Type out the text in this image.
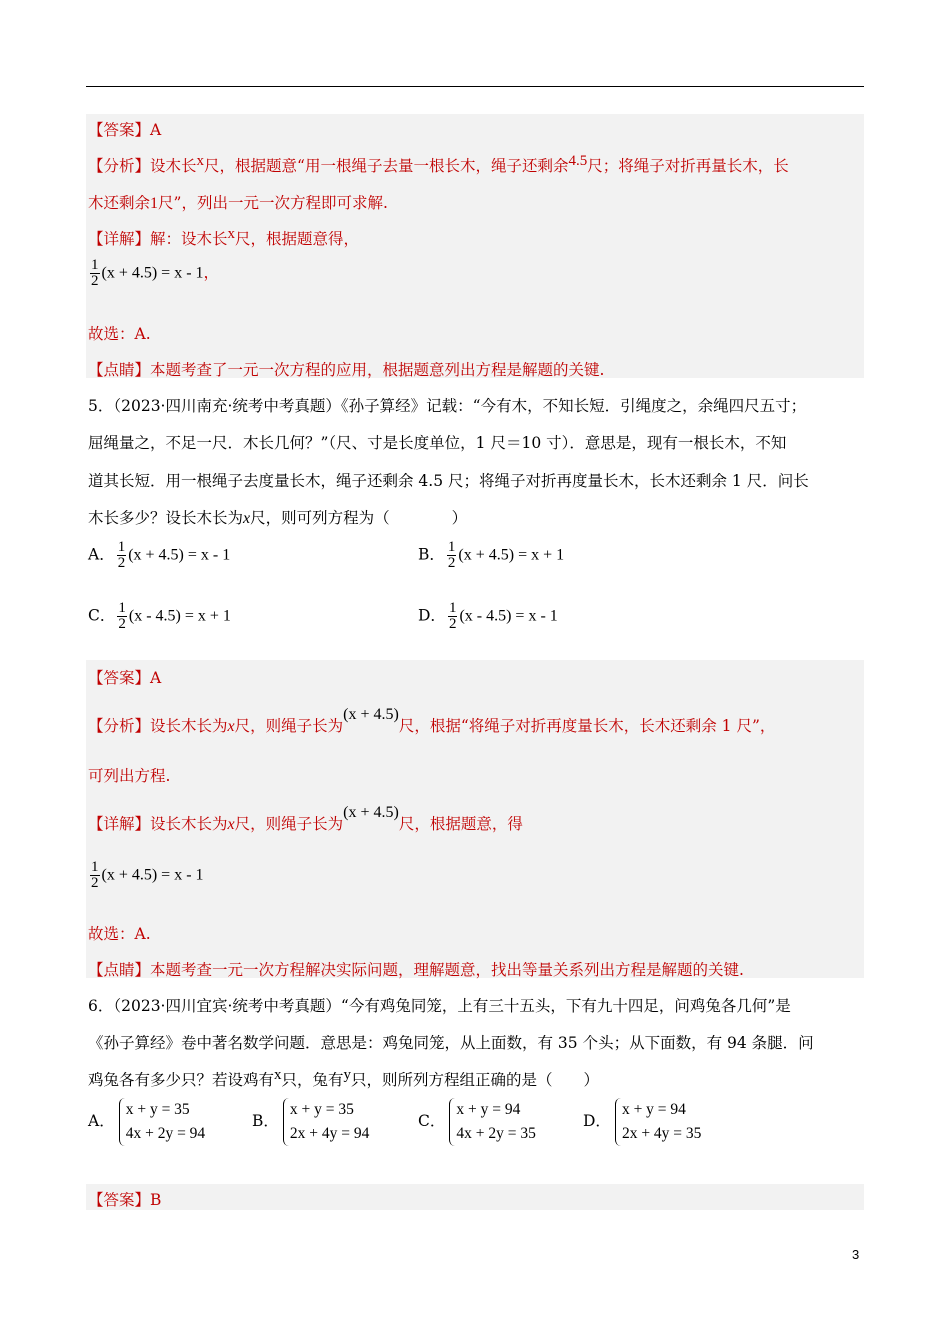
【答案】A
【分析】设木长x尺，根据题意“用一根绳子去量一根长木，绳子还剩余4.5尺；将绳子对折再量长木，长
木还剩余1尺”，列出一元一次方程即可求解.
【详解】解：设木长x尺，根据题意得，
$\frac{1}{2} (x + 4.5) = x - 1$，
故选：A.
【点睛】本题考查了一元一次方程的应用，根据题意列出方程是解题的关键.
5．（2023·四川南充·统考中考真题）《孙子算经》记载：“今有木，不知长短．引绳度之，余绳四尺五寸；
屈绳量之，不足一尺．木长几何？”（尺、寸是长度单位，1 尺＝10 寸）．意思是，现有一根长木，不知
道其长短．用一根绳子去度量长木，绳子还剩余 4.5 尺；将绳子对折再度量长木，长木还剩余 1 尺．问长
木长多少？设长木长为x尺，则可列方程为（　　　　）
A． $\frac{1}{2} (x + 4.5) = x - 1$	B． $\frac{1}{2} (x + 4.5) = x + 1$
C． $\frac{1}{2} (x - 4.5) = x + 1$	D． $\frac{1}{2} (x - 4.5) = x - 1$
【答案】A
【分析】设长木长为x尺，则绳子长为(x + 4.5)尺，根据“将绳子对折再度量长木，长木还剩余 1 尺”，
可列出方程.
【详解】设长木长为x尺，则绳子长为(x + 4.5)尺，根据题意，得
$\frac{1}{2} (x + 4.5) = x - 1$
故选：A.
【点睛】本题考查一元一次方程解决实际问题，理解题意，找出等量关系列出方程是解题的关键.
6．（2023·四川宜宾·统考中考真题）“今有鸡兔同笼，上有三十五头，下有九十四足，问鸡兔各几何”是
《孙子算经》卷中著名数学问题．意思是：鸡兔同笼，从上面数，有 35 个头；从下面数，有 94 条腿．问
鸡兔各有多少只？若设鸡有x只，兔有y只，则所列方程组正确的是（　　）
A．
x + y = 35
4x + 2y = 94
B．
x + y = 35
2x + 4y = 94
C．
x + y = 94
4x + 2y = 35
D．
x + y = 94
2x + 4y = 35
【答案】B
3
